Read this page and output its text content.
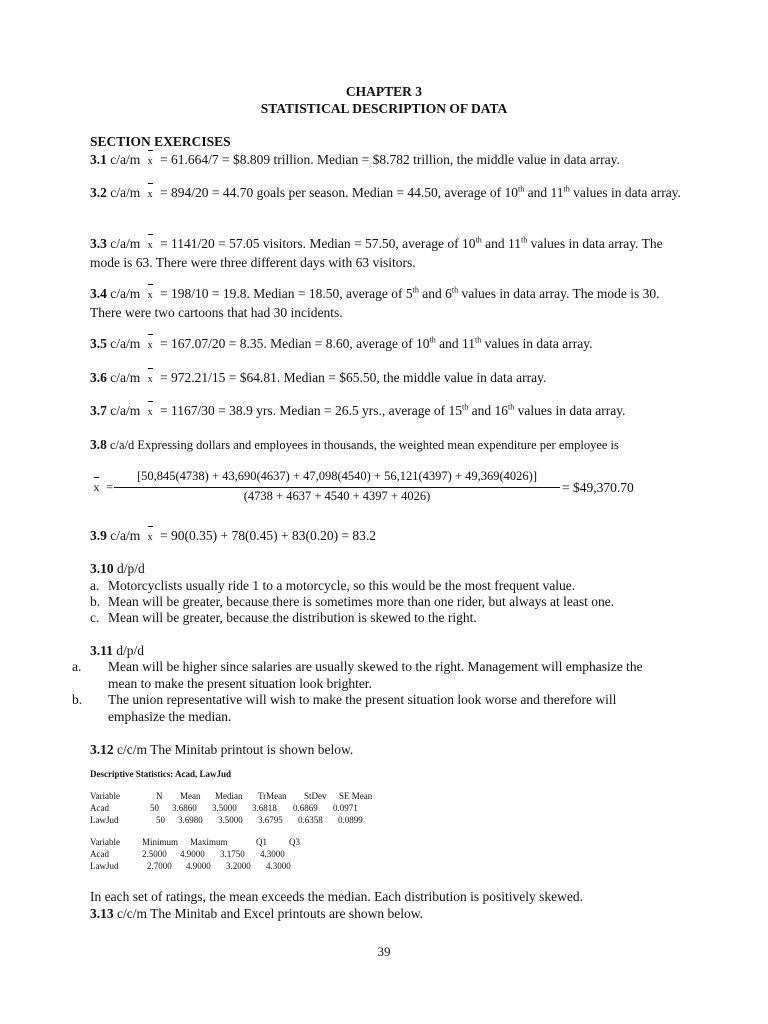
CHAPTER 3
STATISTICAL DESCRIPTION OF DATA
SECTION EXERCISES
3.1 c/a/m x = 61.664/7 = $8.809 trillion. Median = $8.782 trillion, the middle value in data array.
3.2 c/a/m x = 894/20 = 44.70 goals per season. Median = 44.50, average of 10th and 11th values in data array.
3.3 c/a/m x = 1141/20 = 57.05 visitors. Median = 57.50, average of 10th and 11th values in data array. The mode is 63. There were three different days with 63 visitors.
3.4 c/a/m x = 198/10 = 19.8. Median = 18.50, average of 5th and 6th values in data array. The mode is 30. There were two cartoons that had 30 incidents.
3.5 c/a/m x = 167.07/20 = 8.35. Median = 8.60, average of 10th and 11th values in data array.
3.6 c/a/m x = 972.21/15 = $64.81. Median = $65.50, the middle value in data array.
3.7 c/a/m x = 1167/30 = 38.9 yrs. Median = 26.5 yrs., average of 15th and 16th values in data array.
3.8 c/a/d Expressing dollars and employees in thousands, the weighted mean expenditure per employee is
x =
[50,845(4738) + 43,690(4637) + 47,098(4540) + 56,121(4397) + 49,369(4026)]
(4738 + 4637 + 4540 + 4397 + 4026)
= $49,370.70
3.9 c/a/m x = 90(0.35) + 78(0.45) + 83(0.20) = 83.2
3.10 d/p/d
a. Motorcyclists usually ride 1 to a motorcycle, so this would be the most frequent value.
b. Mean will be greater, because there is sometimes more than one rider, but always at least one.
c. Mean will be greater, because the distribution is skewed to the right.
3.11 d/p/d
a. Mean will be higher since salaries are usually skewed to the right. Management will emphasize the mean to make the present situation look brighter.
b. The union representative will wish to make the present situation look worse and therefore will emphasize the median.
3.12 c/c/m The Minitab printout is shown below.
Descriptive Statistics: Acad, LawJud
Variable	N Mean Median TrMean StDev SE Mean
Acad	50 3.6860 3.5000 3.6818 0.6869 0.0971
LawJud	50 3.6980 3.5000 3.6795 0.6358 0.0899
Variable Minimum Maximum	Q1 Q3
Acad	2.5000 4.9000 3.1750 4.3000
LawJud	2.7000 4.9000 3.2000 4.3000
In each set of ratings, the mean exceeds the median. Each distribution is positively skewed.
3.13 c/c/m The Minitab and Excel printouts are shown below.
39
